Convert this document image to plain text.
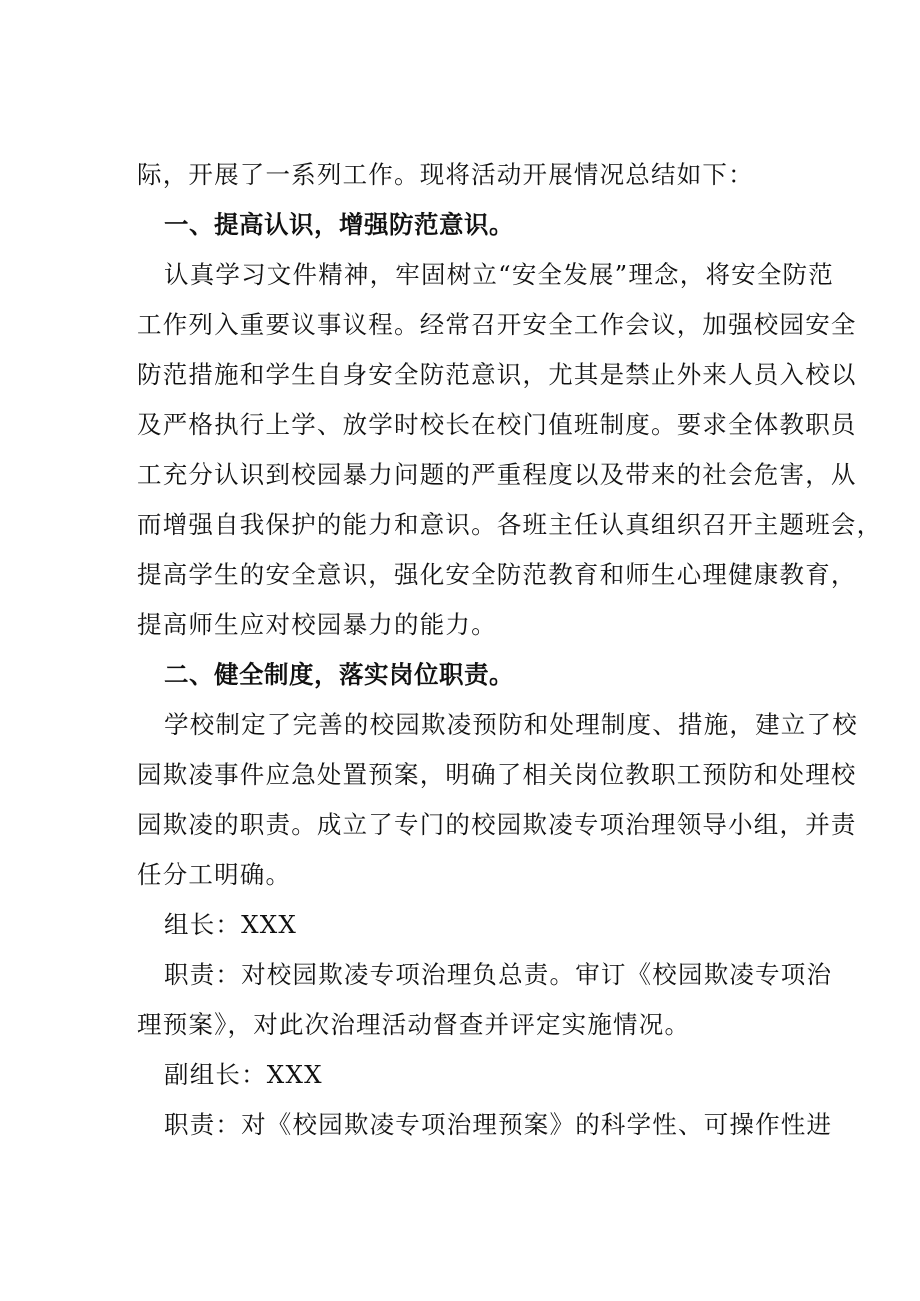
际，开展了一系列工作。现将活动开展情况总结如下：
一、提高认识，增强防范意识。
认真学习文件精神，牢固树立“安全发展”理念，将安全防范
工作列入重要议事议程。经常召开安全工作会议，加强校园安全
防范措施和学生自身安全防范意识，尤其是禁止外来人员入校以
及严格执行上学、放学时校长在校门值班制度。要求全体教职员
工充分认识到校园暴力问题的严重程度以及带来的社会危害，从
而增强自我保护的能力和意识。各班主任认真组织召开主题班会，
提高学生的安全意识，强化安全防范教育和师生心理健康教育，
提高师生应对校园暴力的能力。
二、健全制度，落实岗位职责。
学校制定了完善的校园欺凌预防和处理制度、措施，建立了校
园欺凌事件应急处置预案，明确了相关岗位教职工预防和处理校
园欺凌的职责。成立了专门的校园欺凌专项治理领导小组，并责
任分工明确。
组长：XXX
职责：对校园欺凌专项治理负总责。审订《校园欺凌专项治
理预案》，对此次治理活动督查并评定实施情况。
副组长：XXX
职责：对《校园欺凌专项治理预案》的科学性、可操作性进
